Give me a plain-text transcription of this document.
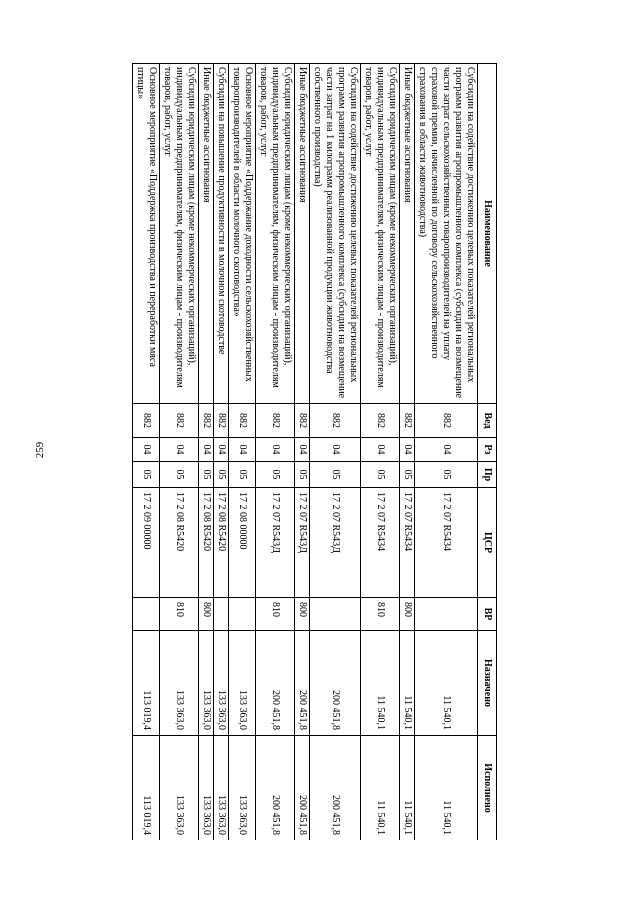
259
Наименование	Вед	Рз	Пр	ЦСР	ВР	Назначено	Исполнено
Субсидии на содействие достижению целевых показателей региональных программ развития агропромышленного комплекса (субсидии на возмещение части затрат сельскохозяйственных товаропроизводителей на уплату страховой премии, начисленной по договору сельскохозяйственного страхования в области животноводства)	882	04	05	17 2 07 R5434		11 540,1	11 540,1
Иные бюджетные ассигнования	882	04	05	17 2 07 R5434	800	11 540,1	11 540,1
Субсидии юридическим лицам (кроме некоммерческих организаций), индивидуальным предпринимателям, физическим лицам - производителям товаров, работ, услуг	882	04	05	17 2 07 R5434	810	11 540,1	11 540,1
Субсидии на содействие достижению целевых показателей региональных программ развития агропромышленного комплекса (субсидии на возмещение части затрат на 1 килограмм реализованной продукции животноводства собственного производства)	882	04	05	17 2 07 R543Д		200 451,8	200 451,8
Иные бюджетные ассигнования	882	04	05	17 2 07 R543Д	800	200 451,8	200 451,8
Субсидии юридическим лицам (кроме некоммерческих организаций), индивидуальным предпринимателям, физическим лицам - производителям товаров, работ, услуг	882	04	05	17 2 07 R543Д	810	200 451,8	200 451,8
Основное мероприятие «Поддержание доходности сельскохозяйственных товаропроизводителей в области молочного скотоводства»	882	04	05	17 2 08 00000		133 363,0	133 363,0
Субсидии на повышение продуктивности в молочном скотоводстве	882	04	05	17 2 08 R5420		133 363,0	133 363,0
Иные бюджетные ассигнования	882	04	05	17 2 08 R5420	800	133 363,0	133 363,0
Субсидии юридическим лицам (кроме некоммерческих организаций), индивидуальным предпринимателям, физическим лицам - производителям товаров, работ, услуг	882	04	05	17 2 08 R5420	810	133 363,0	133 363,0
Основное мероприятие «Поддержка производства и переработки мяса птицы»	882	04	05	17 2 09 00000		113 019,4	113 019,4
